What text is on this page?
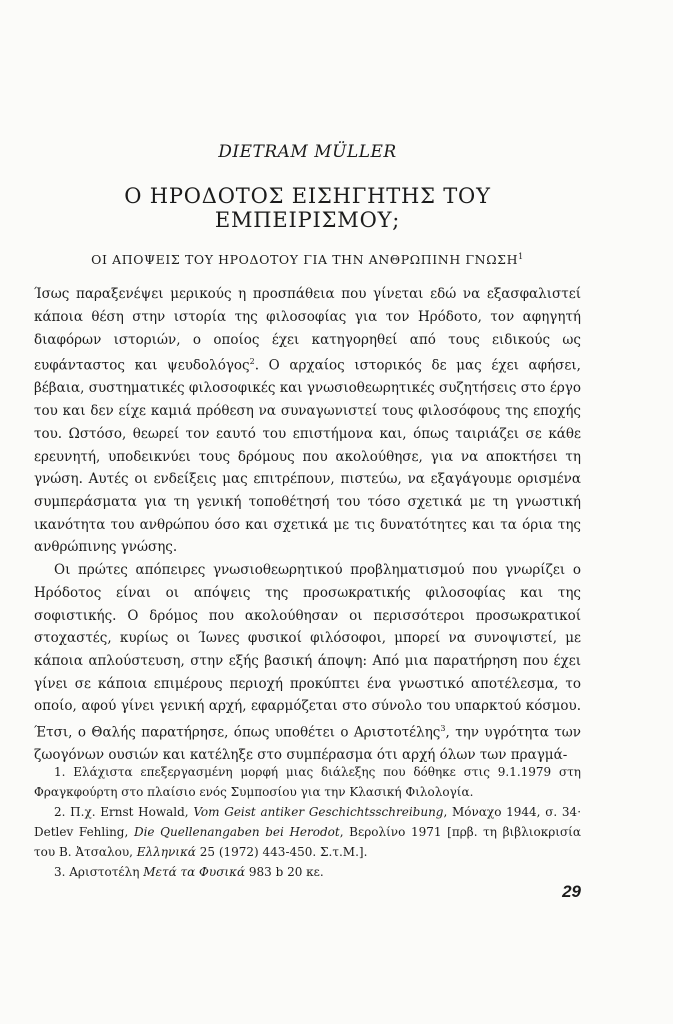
DIETRAM MÜLLER

Ο ΗΡΟΔΟΤΟΣ ΕΙΣΗΓΗΤΗΣ ΤΟΥ ΕΜΠΕΙΡΙΣΜΟΥ;

ΟΙ ΑΠΟΨΕΙΣ ΤΟΥ ΗΡΟΔΟΤΟΥ ΓΙΑ ΤΗΝ ΑΝΘΡΩΠΙΝΗ ΓΝΩΣΗ$^1$

Ίσως παραξενέψει μερικούς η προσπάθεια που γίνεται εδώ να εξασφαλιστεί κάποια θέση στην ιστορία της φιλοσοφίας για τον Ηρόδοτο, τον αφηγητή διαφόρων ιστοριών, ο οποίος έχει κατηγορηθεί από τους ειδικούς ως ευφάνταστος και ψευδολόγος$^2$. Ο αρχαίος ιστορικός δε μας έχει αφήσει, βέβαια, συστηματικές φιλοσοφικές και γνωσιοθεωρητικές συζητήσεις στο έργο του και δεν είχε καμιά πρόθεση να συναγωνιστεί τους φιλοσόφους της εποχής του. Ωστόσο, θεωρεί τον εαυτό του επιστήμονα και, όπως ταιριάζει σε κάθε ερευνητή, υποδεικνύει τους δρόμους που ακολούθησε, για να αποκτήσει τη γνώση. Αυτές οι ενδείξεις μας επιτρέπουν, πιστεύω, να εξαγάγουμε ορισμένα συμπεράσματα για τη γενική τοποθέτησή του τόσο σχετικά με τη γνωστική ικανότητα του ανθρώπου όσο και σχετικά με τις δυνατότητες και τα όρια της ανθρώπινης γνώσης.

Οι πρώτες απόπειρες γνωσιοθεωρητικού προβληματισμού που γνωρίζει ο Ηρόδοτος είναι οι απόψεις της προσωκρατικής φιλοσοφίας και της σοφιστικής. Ο δρόμος που ακολούθησαν οι περισσότεροι προσωκρατικοί στοχαστές, κυρίως οι Ίωνες φυσικοί φιλόσοφοι, μπορεί να συνοψιστεί, με κάποια απλούστευση, στην εξής βασική άποψη: Από μια παρατήρηση που έχει γίνει σε κάποια επιμέρους περιοχή προκύπτει ένα γνωστικό αποτέλεσμα, το οποίο, αφού γίνει γενική αρχή, εφαρμόζεται στο σύνολο του υπαρκτού κόσμου. Έτσι, ο Θαλής παρατήρησε, όπως υποθέτει ο Αριστοτέλης$^3$, την υγρότητα των ζωογόνων ουσιών και κατέληξε στο συμπέρασμα ότι αρχή όλων των πραγμά-

1. Ελάχιστα επεξεργασμένη μορφή μιας διάλεξης που δόθηκε στις 9.1.1979 στη Φραγκφούρτη στο πλαίσιο ενός Συμποσίου για την Κλασική Φιλολογία.

2. Π.χ. Ernst Howald, Vom Geist antiker Geschichtsschreibung, Μόναχο 1944, σ. 34· Detlev Fehling, Die Quellenangaben bei Herodot, Βερολίνο 1971 [πρβ. τη βιβλιοκρισία του Β. Ἀτσαλου, Ελληνικά 25 (1972) 443-450. Σ.τ.Μ.].

3. Αριστοτέλη Μετά τα Φυσικά 983 b 20 κε.

29
